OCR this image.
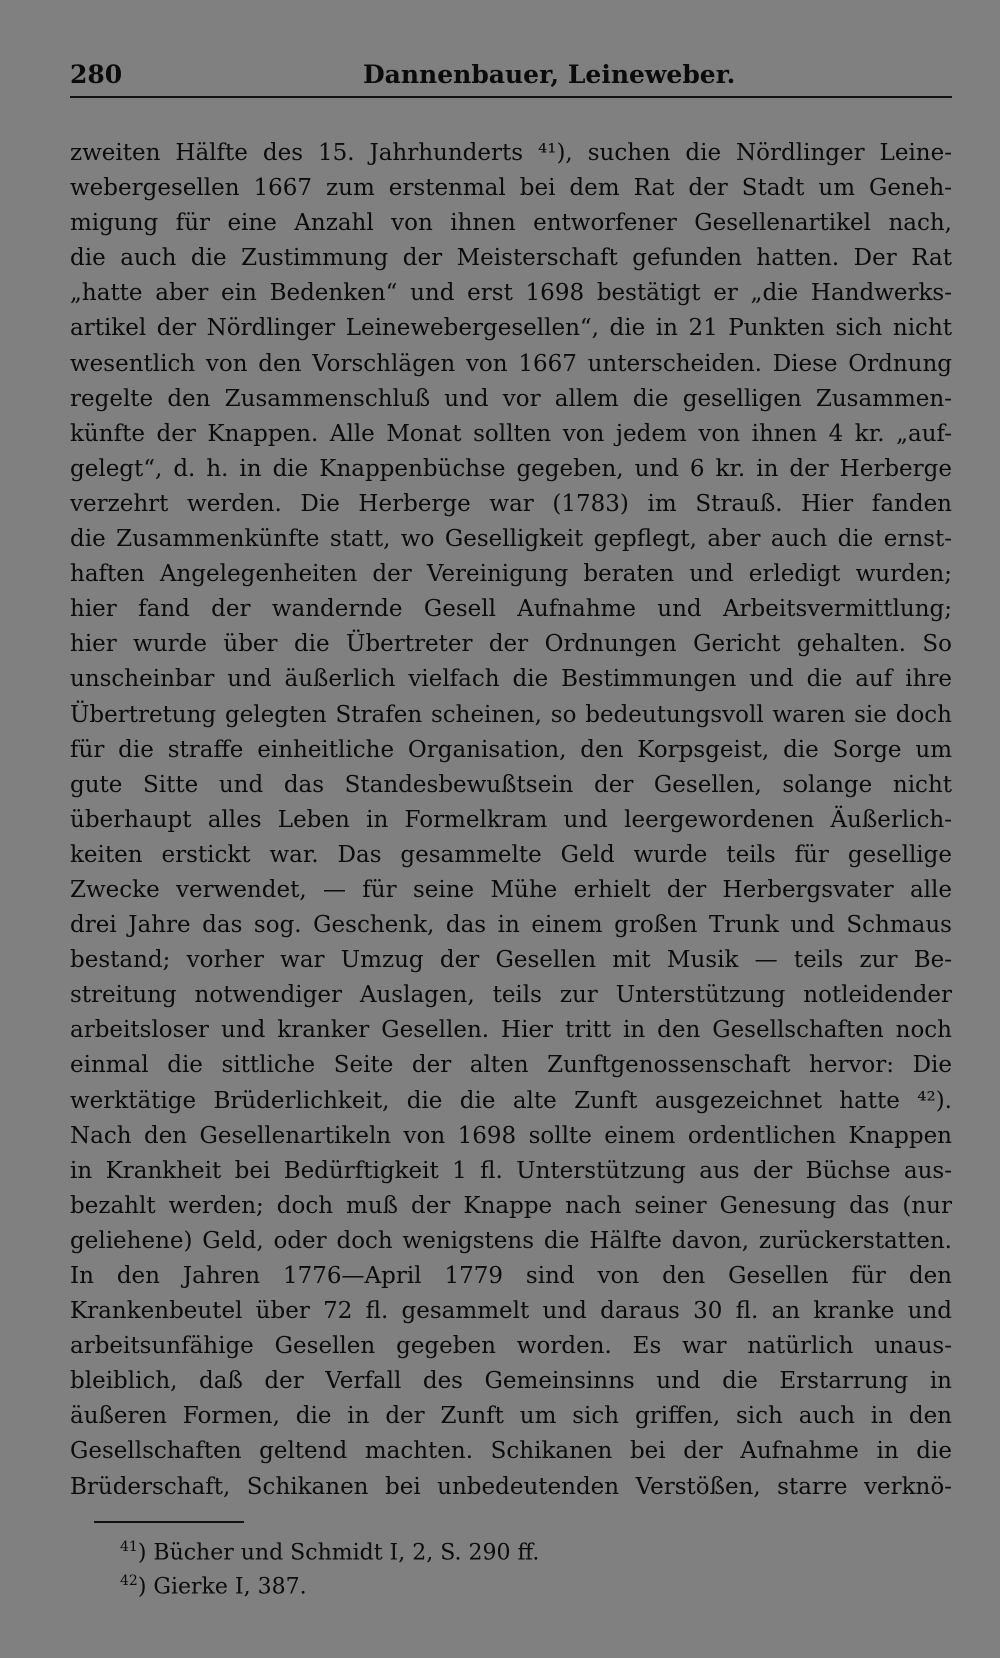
280	Dannenbauer, Leineweber.
zweiten Hälfte des 15. Jahrhunderts ⁴¹), suchen die Nördlinger Leine-
webergesellen 1667 zum erstenmal bei dem Rat der Stadt um Geneh-
migung für eine Anzahl von ihnen entworfener Gesellenartikel nach,
die auch die Zustimmung der Meisterschaft gefunden hatten. Der Rat
„hatte aber ein Bedenken“ und erst 1698 bestätigt er „die Handwerks-
artikel der Nördlinger Leinewebergesellen“, die in 21 Punkten sich nicht
wesentlich von den Vorschlägen von 1667 unterscheiden. Diese Ordnung
regelte den Zusammenschluß und vor allem die geselligen Zusammen-
künfte der Knappen. Alle Monat sollten von jedem von ihnen 4 kr. „auf-
gelegt“, d. h. in die Knappenbüchse gegeben, und 6 kr. in der Herberge
verzehrt werden. Die Herberge war (1783) im Strauß. Hier fanden
die Zusammenkünfte statt, wo Geselligkeit gepflegt, aber auch die ernst-
haften Angelegenheiten der Vereinigung beraten und erledigt wurden;
hier fand der wandernde Gesell Aufnahme und Arbeitsvermittlung;
hier wurde über die Übertreter der Ordnungen Gericht gehalten. So
unscheinbar und äußerlich vielfach die Bestimmungen und die auf ihre
Übertretung gelegten Strafen scheinen, so bedeutungsvoll waren sie doch
für die straffe einheitliche Organisation, den Korpsgeist, die Sorge um
gute Sitte und das Standesbewußtsein der Gesellen, solange nicht
überhaupt alles Leben in Formelkram und leergewordenen Äußerlich-
keiten erstickt war. Das gesammelte Geld wurde teils für gesellige
Zwecke verwendet, — für seine Mühe erhielt der Herbergsvater alle
drei Jahre das sog. Geschenk, das in einem großen Trunk und Schmaus
bestand; vorher war Umzug der Gesellen mit Musik — teils zur Be-
streitung notwendiger Auslagen, teils zur Unterstützung notleidender
arbeitsloser und kranker Gesellen. Hier tritt in den Gesellschaften noch
einmal die sittliche Seite der alten Zunftgenossenschaft hervor: Die
werktätige Brüderlichkeit, die die alte Zunft ausgezeichnet hatte ⁴²).
Nach den Gesellenartikeln von 1698 sollte einem ordentlichen Knappen
in Krankheit bei Bedürftigkeit 1 fl. Unterstützung aus der Büchse aus-
bezahlt werden; doch muß der Knappe nach seiner Genesung das (nur
geliehene) Geld, oder doch wenigstens die Hälfte davon, zurückerstatten.
In den Jahren 1776—April 1779 sind von den Gesellen für den
Krankenbeutel über 72 fl. gesammelt und daraus 30 fl. an kranke und
arbeitsunfähige Gesellen gegeben worden. Es war natürlich unaus-
bleiblich, daß der Verfall des Gemeinsinns und die Erstarrung in
äußeren Formen, die in der Zunft um sich griffen, sich auch in den
Gesellschaften geltend machten. Schikanen bei der Aufnahme in die
Brüderschaft, Schikanen bei unbedeutenden Verstößen, starre verknö-
$^{41}$) Bücher und Schmidt I, 2, S. 290 ff.
$^{42}$) Gierke I, 387.
